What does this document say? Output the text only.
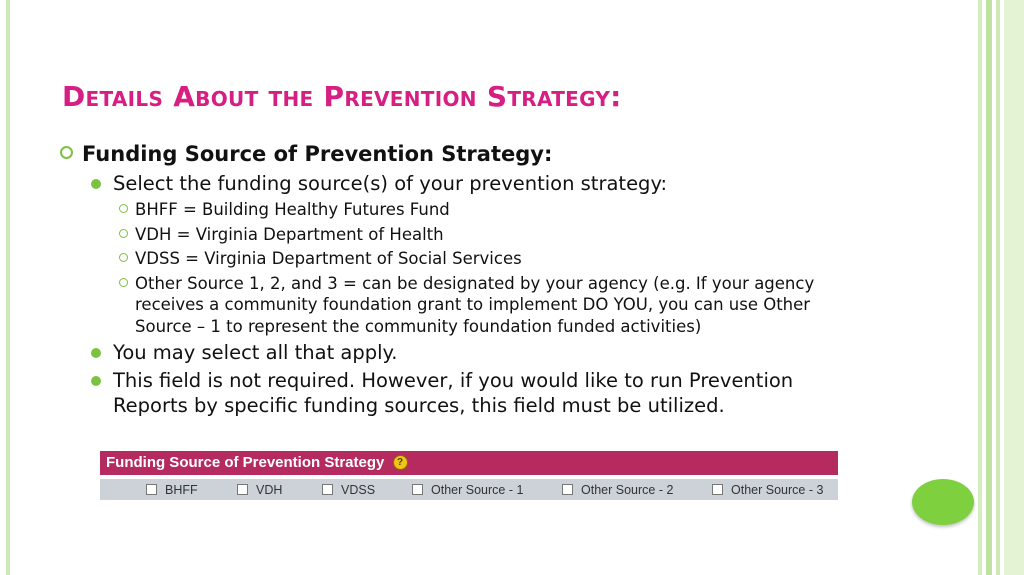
Details About the Prevention Strategy:
Funding Source of Prevention Strategy:
Select the funding source(s) of your prevention strategy:
BHFF = Building Healthy Futures Fund
VDH = Virginia Department of Health
VDSS = Virginia Department of Social Services
Other Source 1, 2, and 3 = can be designated by your agency (e.g. If your agency receives a community foundation grant to implement DO YOU, you can use Other Source – 1 to represent the community foundation funded activities)
You may select all that apply.
This field is not required. However, if you would like to run Prevention Reports by specific funding sources, this field must be utilized.
Funding Source of Prevention Strategy ?
BHFF	VDH	VDSS	Other Source - 1	Other Source - 2	Other Source - 3
